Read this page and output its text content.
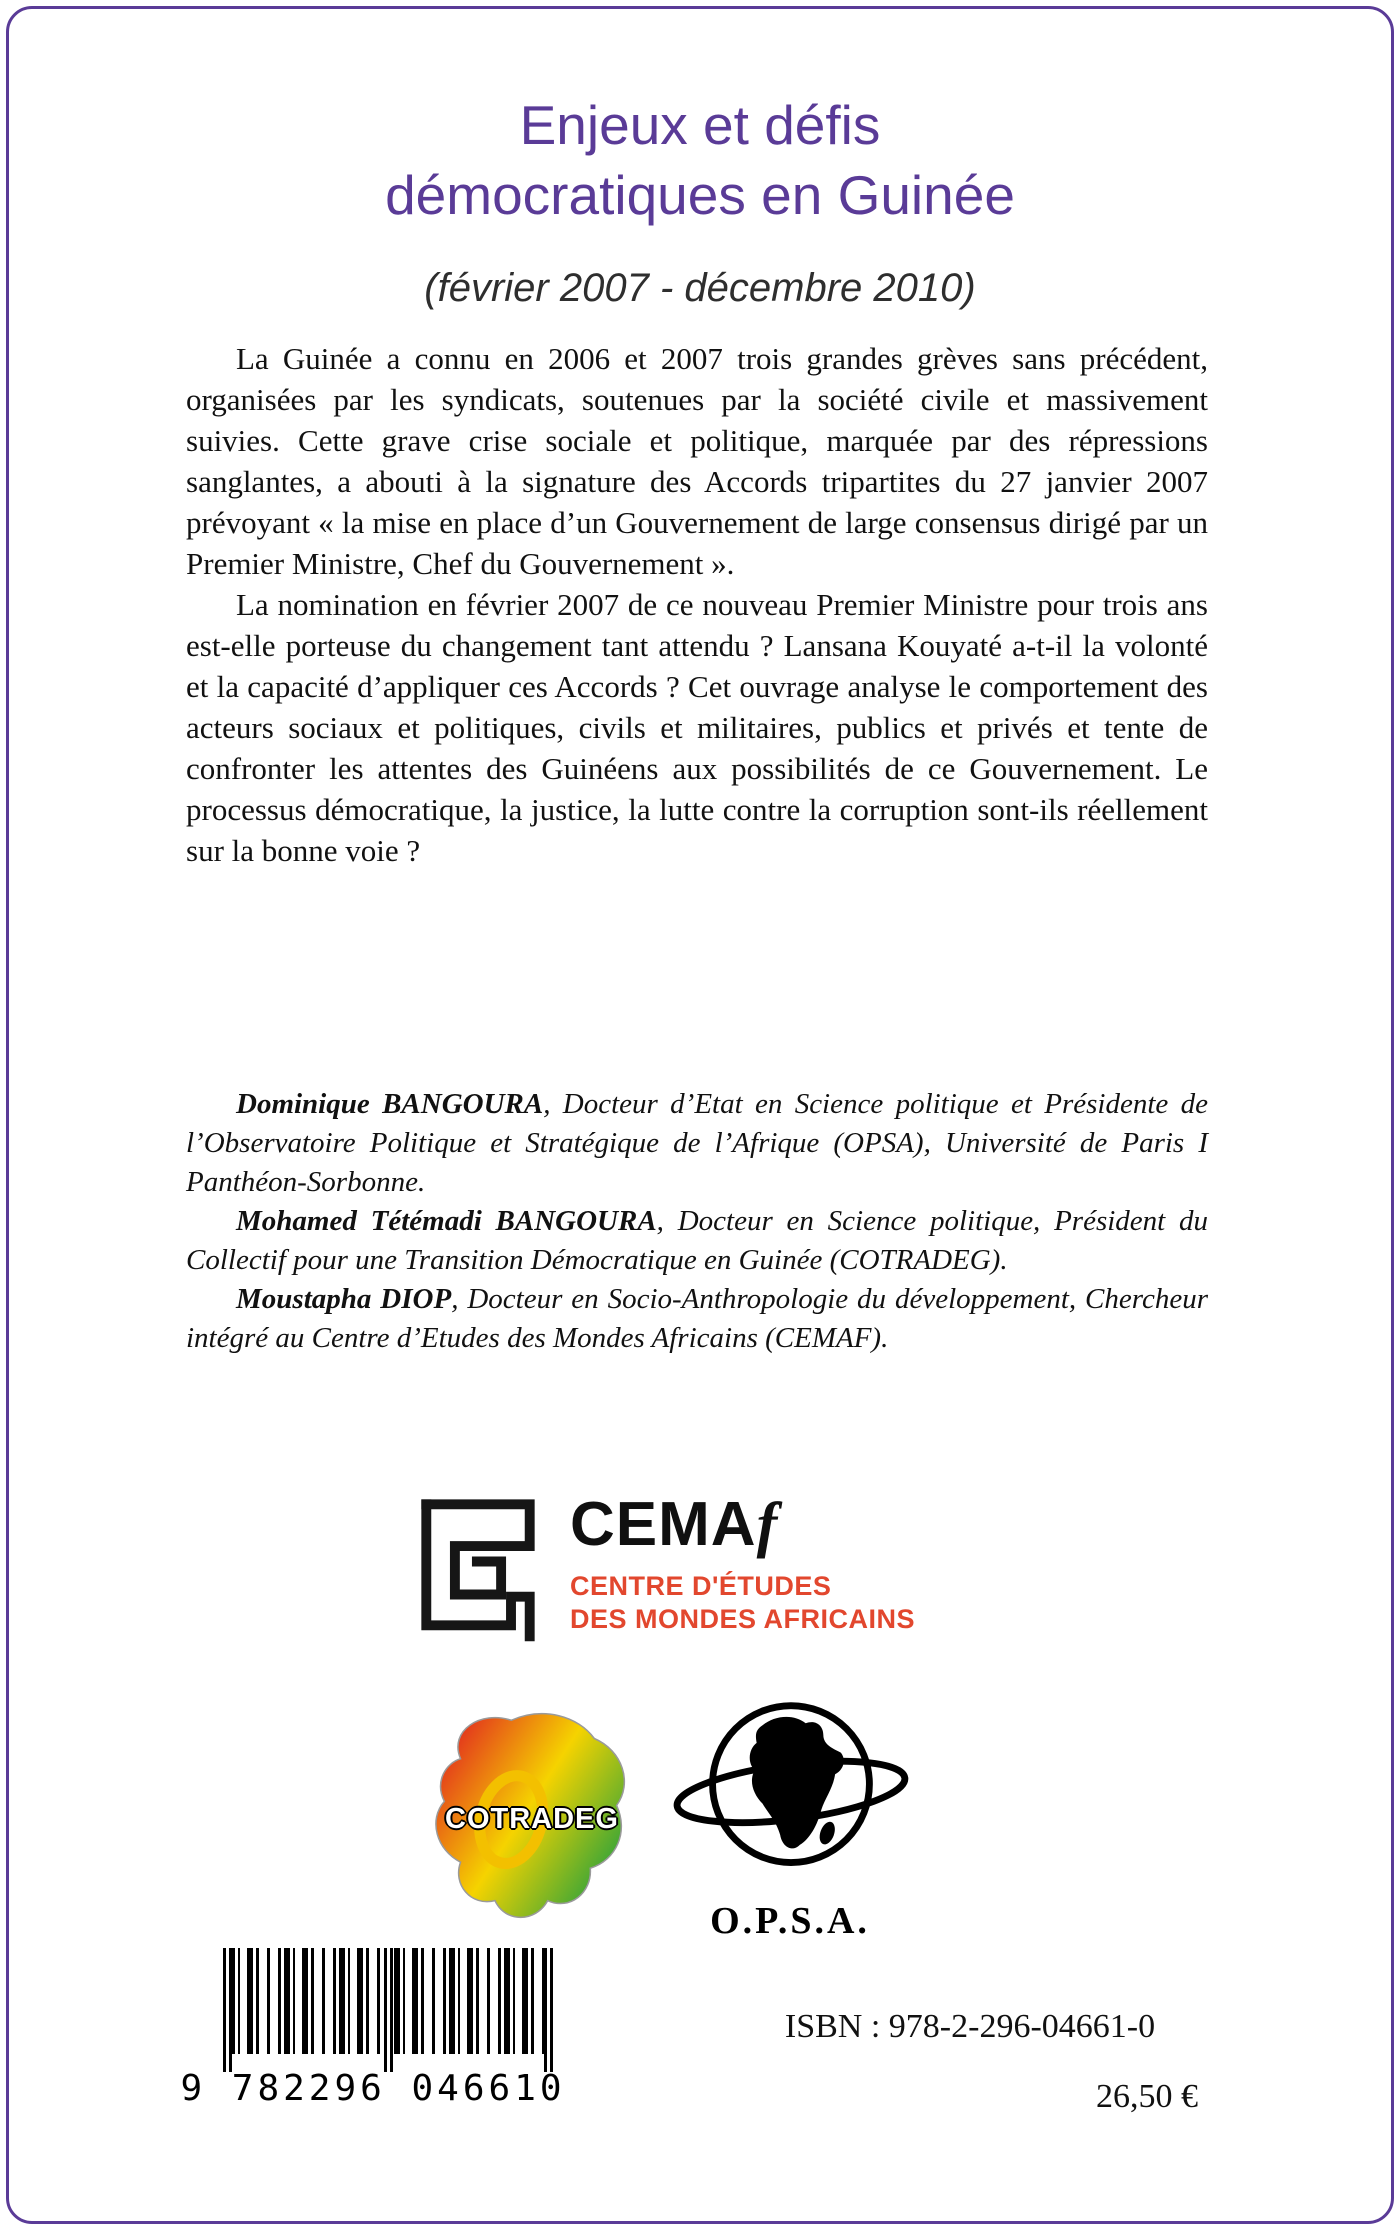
Enjeux et défis
démocratiques en Guinée
(février 2007 - décembre 2010)

La Guinée a connu en 2006 et 2007 trois grandes grèves sans précédent, organisées par les syndicats, soutenues par la société civile et massivement suivies. Cette grave crise sociale et politique, marquée par des répressions sanglantes, a abouti à la signature des Accords tripartites du 27 janvier 2007 prévoyant « la mise en place d’un Gouvernement de large consensus dirigé par un Premier Ministre, Chef du Gouvernement ».

La nomination en février 2007 de ce nouveau Premier Ministre pour trois ans est-elle porteuse du changement tant attendu ? Lansana Kouyaté a-t-il la volonté et la capacité d’appliquer ces Accords ? Cet ouvrage analyse le comportement des acteurs sociaux et politiques, civils et militaires, publics et privés et tente de confronter les attentes des Guinéens aux possibilités de ce Gouvernement. Le processus démocratique, la justice, la lutte contre la corruption sont-ils réellement sur la bonne voie ?

Dominique BANGOURA, Docteur d’Etat en Science politique et Présidente de l’Observatoire Politique et Stratégique de l’Afrique (OPSA), Université de Paris I Panthéon-Sorbonne.

Mohamed Tétémadi BANGOURA, Docteur en Science politique, Président du Collectif pour une Transition Démocratique en Guinée (COTRADEG).

Moustapha DIOP, Docteur en Socio-Anthropologie du développement, Chercheur intégré au Centre d’Etudes des Mondes Africains (CEMAF).

CEMAf
CENTRE D'ÉTUDES
DES MONDES AFRICAINS
COTRADEG
O.P.S.A.
9 782296 046610
ISBN : 978-2-296-04661-0
26,50 €
